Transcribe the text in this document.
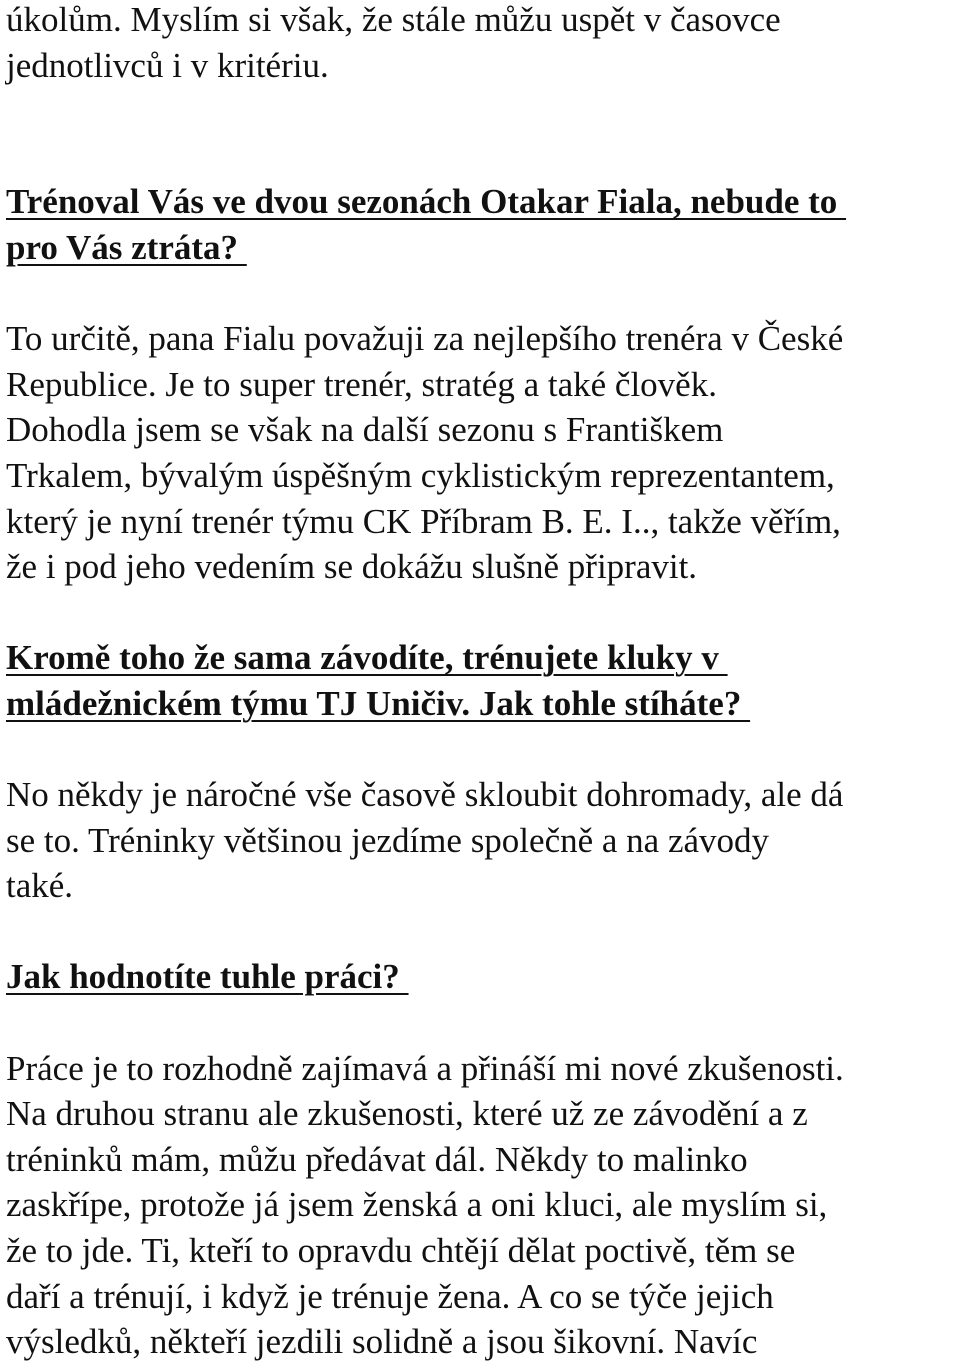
úkolům. Myslím si však, že stále můžu uspět v časovce
jednotlivců i v kritériu.
Trénoval Vás ve dvou sezonách Otakar Fiala, nebude to
pro Vás ztráta?
To určitě, pana Fialu považuji za nejlepšího trenéra v České
Republice. Je to super trenér, stratég a také člověk.
Dohodla jsem se však na další sezonu s Františkem
Trkalem, bývalým úspěšným cyklistickým reprezentantem,
který je nyní trenér týmu CK Příbram B. E. I.., takže věřím,
že i pod jeho vedením se dokážu slušně připravit.
Kromě toho že sama závodíte, trénujete kluky v
mládežnickém týmu TJ Uničiv. Jak tohle stíháte?
No někdy je náročné vše časově skloubit dohromady, ale dá
se to. Tréninky většinou jezdíme společně a na závody
také.
Jak hodnotíte tuhle práci?
Práce je to rozhodně zajímavá a přináší mi nové zkušenosti.
Na druhou stranu ale zkušenosti, které už ze závodění a z
tréninků mám, můžu předávat dál. Někdy to malinko
zaskřípe, protože já jsem ženská a oni kluci, ale myslím si,
že to jde. Ti, kteří to opravdu chtějí dělat poctivě, těm se
daří a trénují, i když je trénuje žena. A co se týče jejich
výsledků, někteří jezdili solidně a jsou šikovní. Navíc
